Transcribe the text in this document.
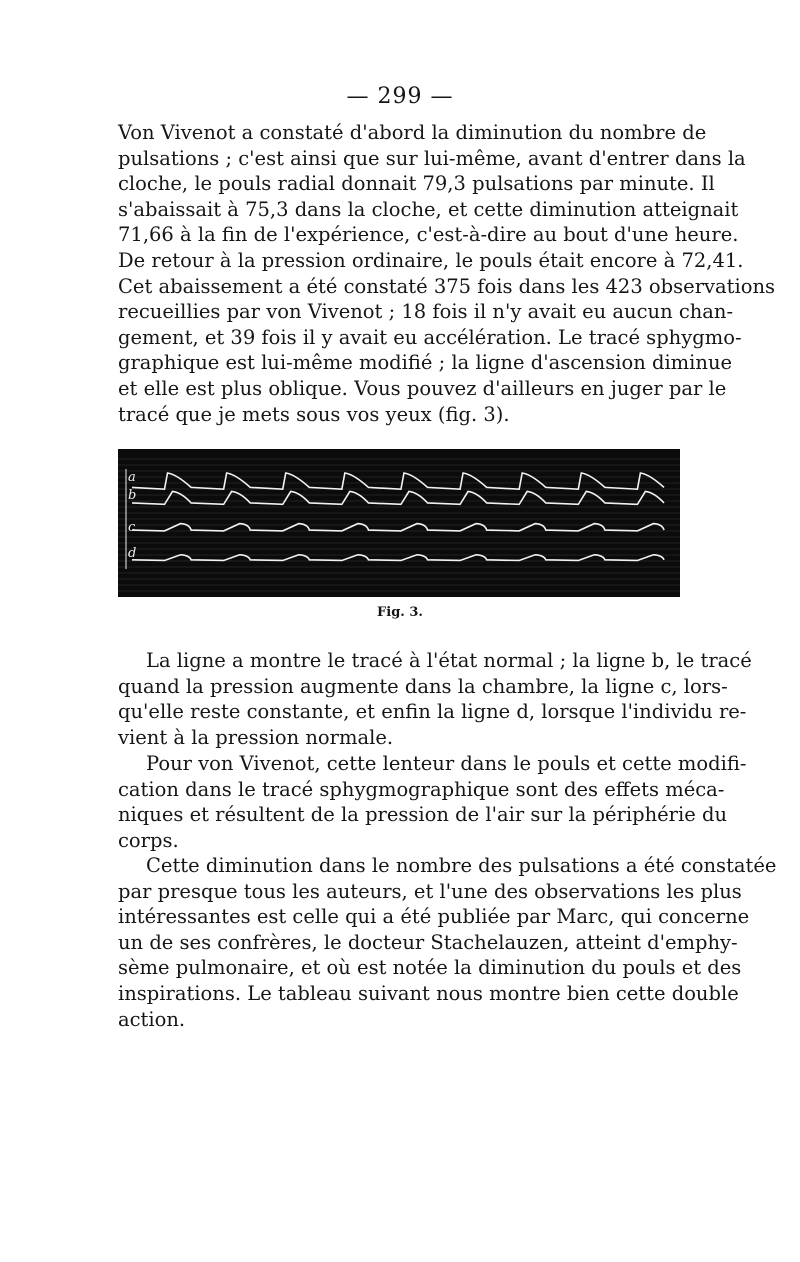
— 299 —
Von Vivenot a constaté d'abord la diminution du nombre de
pulsations ; c'est ainsi que sur lui-même, avant d'entrer dans la
cloche, le pouls radial donnait 79,3 pulsations par minute. Il
s'abaissait à 75,3 dans la cloche, et cette diminution atteignait
71,66 à la fin de l'expérience, c'est-à-dire au bout d'une heure.
De retour à la pression ordinaire, le pouls était encore à 72,41.
Cet abaissement a été constaté 375 fois dans les 423 observations
recueillies par von Vivenot ; 18 fois il n'y avait eu aucun chan-
gement, et 39 fois il y avait eu accélération. Le tracé sphygmo-
graphique est lui-même modifié ; la ligne d'ascension diminue
et elle est plus oblique. Vous pouvez d'ailleurs en juger par le
tracé que je mets sous vos yeux (fig. 3).
a
b
c
d
Fig. 3.
La ligne a montre le tracé à l'état normal ; la ligne b, le tracé
quand la pression augmente dans la chambre, la ligne c, lors-
qu'elle reste constante, et enfin la ligne d, lorsque l'individu re-
vient à la pression normale.
Pour von Vivenot, cette lenteur dans le pouls et cette modifi-
cation dans le tracé sphygmographique sont des effets méca-
niques et résultent de la pression de l'air sur la périphérie du
corps.
Cette diminution dans le nombre des pulsations a été constatée
par presque tous les auteurs, et l'une des observations les plus
intéressantes est celle qui a été publiée par Marc, qui concerne
un de ses confrères, le docteur Stachelauzen, atteint d'emphy-
sème pulmonaire, et où est notée la diminution du pouls et des
inspirations. Le tableau suivant nous montre bien cette double
action.
